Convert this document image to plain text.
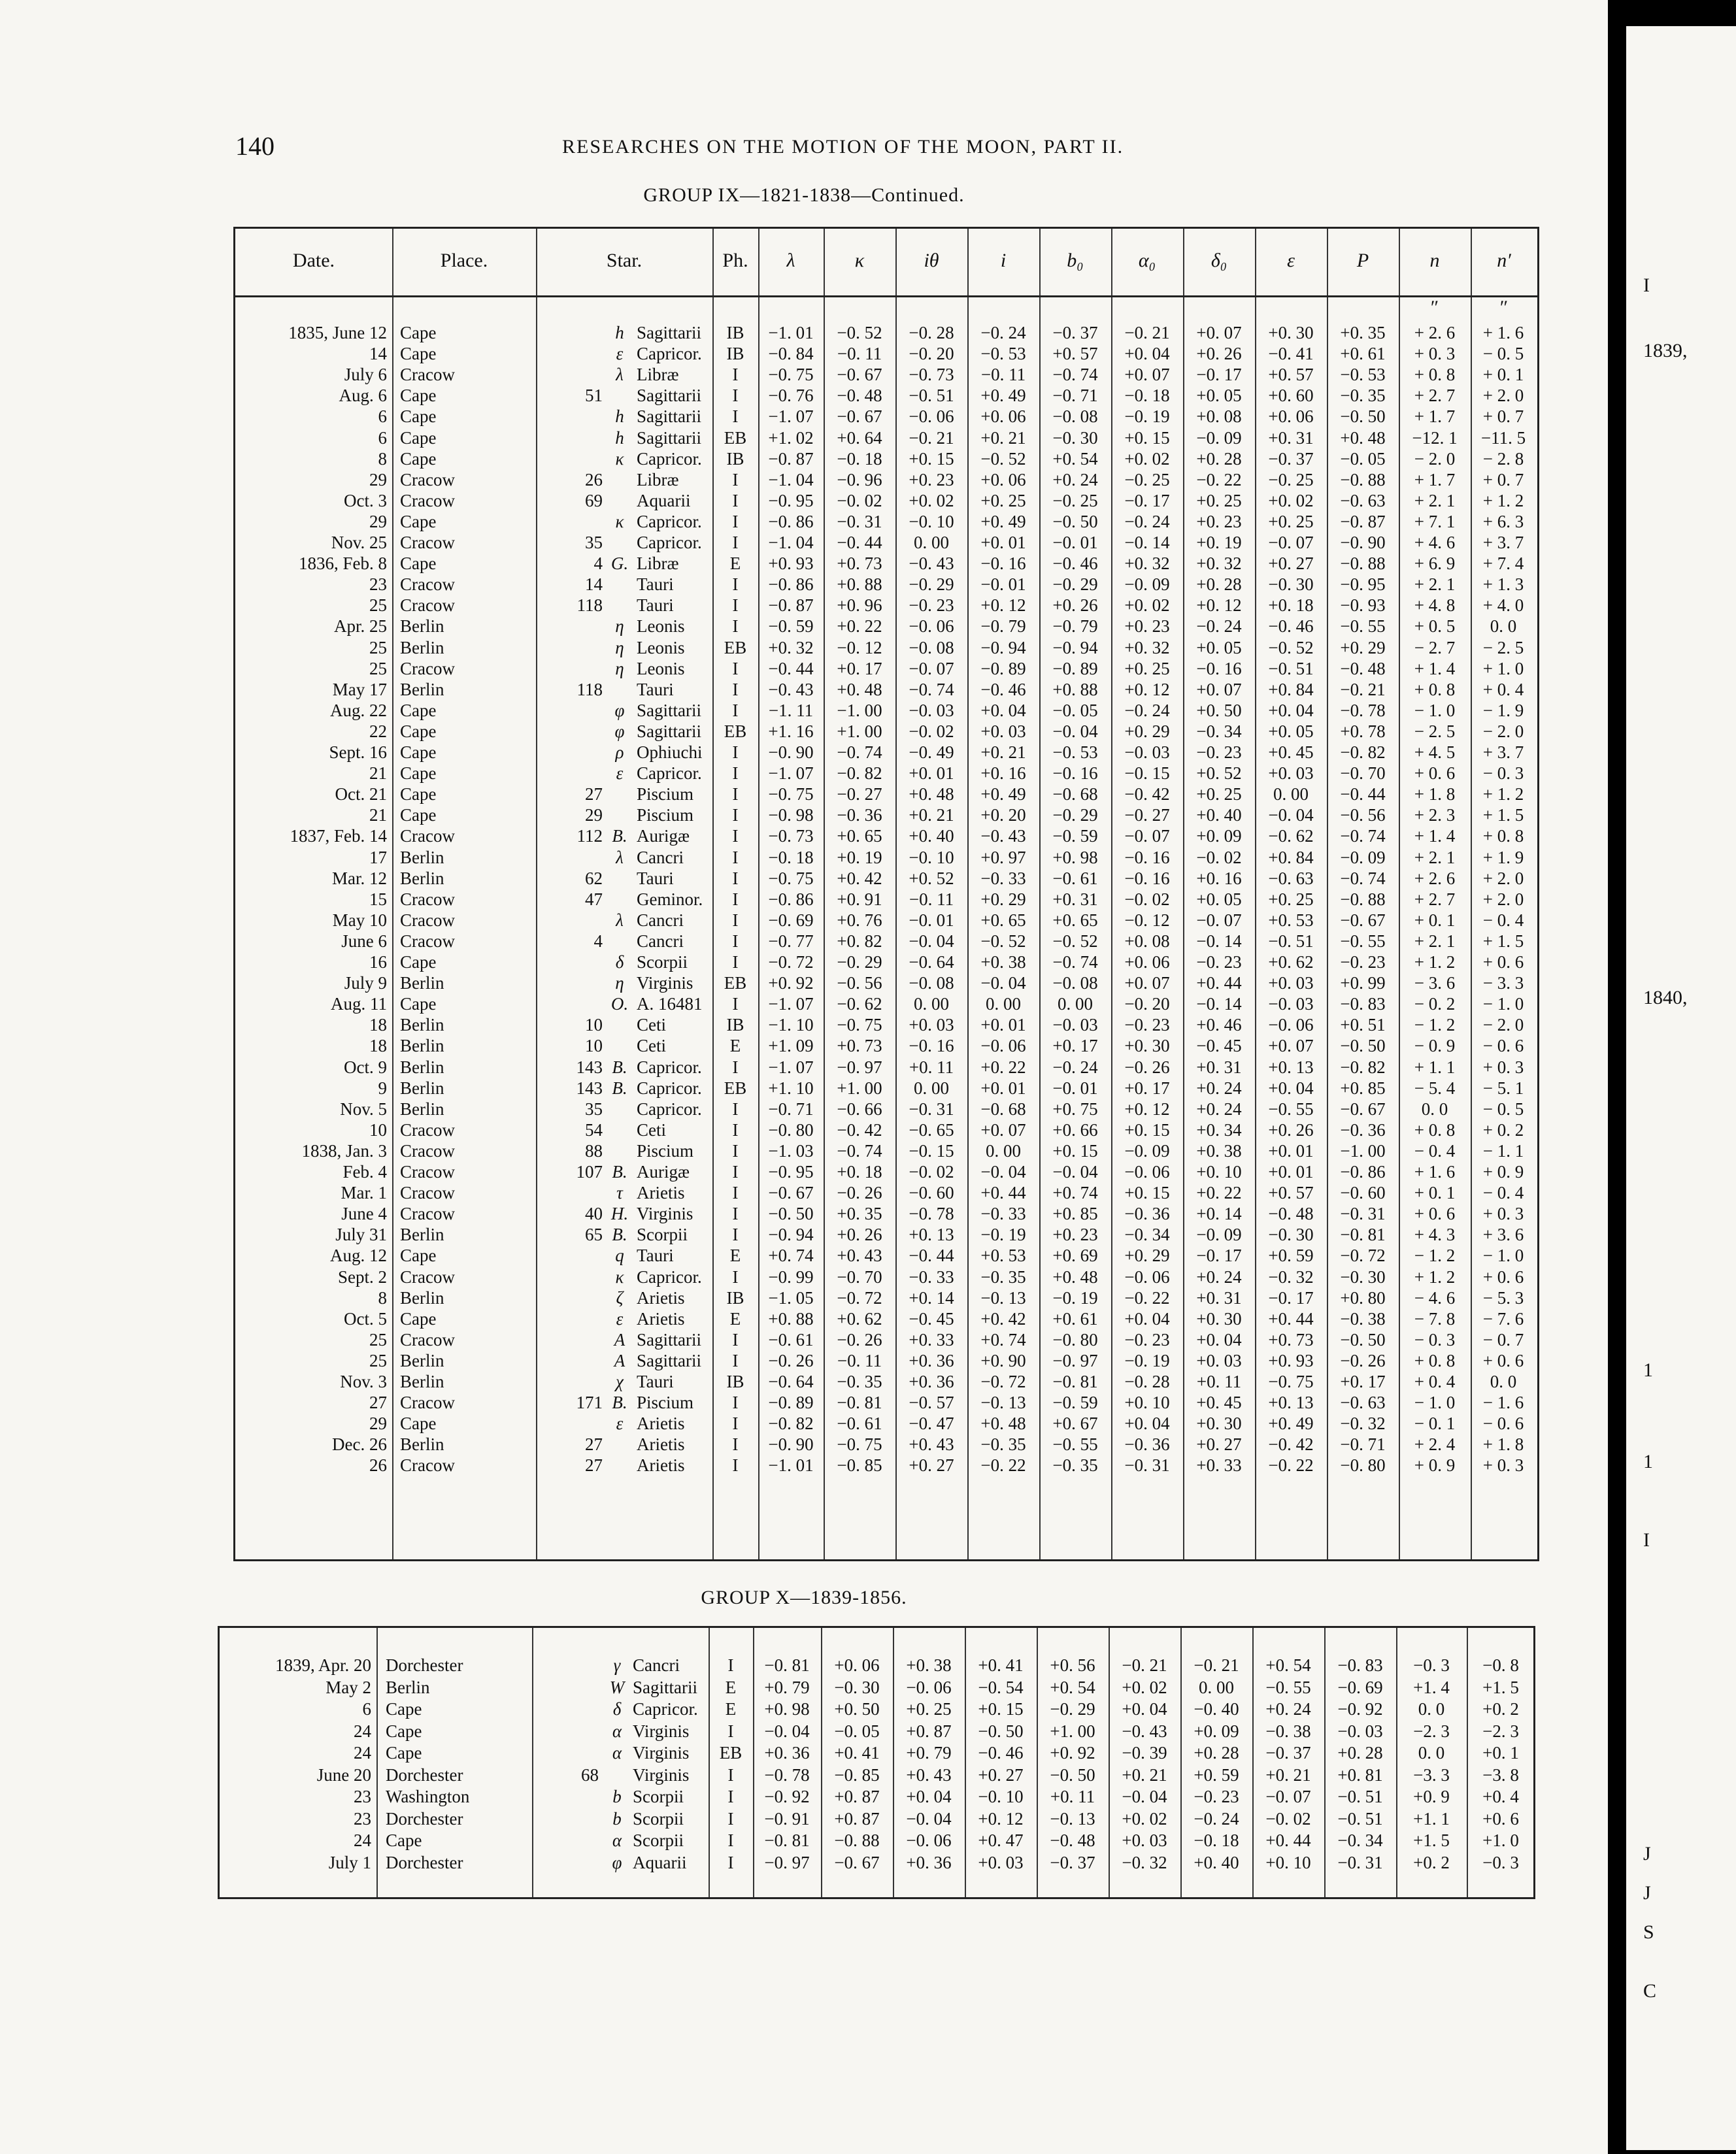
140	RESEARCHES ON THE MOTION OF THE MOON, PART II.
GROUP IX—1821-1838—Continued.
GROUP X—1839-1856.
Date.	Place.	Star.	Ph.	λ	κ	iθ	i	b₀	α₀	δ₀	ε	P	n	n′
″	″
1835, June 12 Cape	h Sagittarii	IB	−1. 01	−0. 52	−0. 28	−0. 24	−0. 37	−0. 21	+0. 07	+0. 30	+0. 35	+ 2. 6	+ 1. 6
14 Cape	ε Capricor.	IB	−0. 84	−0. 11	−0. 20	−0. 53	+0. 57	+0. 04	+0. 26	−0. 41	+0. 61	+ 0. 3	− 0. 5
July 6 Cracow	λ Libræ	I	−0. 75	−0. 67	−0. 73	−0. 11	−0. 74	+0. 07	−0. 17	+0. 57	−0. 53	+ 0. 8	+ 0. 1
Aug. 6 Cape	51 Sagittarii	I	−0. 76	−0. 48	−0. 51	+0. 49	−0. 71	−0. 18	+0. 05	+0. 60	−0. 35	+ 2. 7	+ 2. 0
6 Cape	h Sagittarii	I	−1. 07	−0. 67	−0. 06	+0. 06	−0. 08	−0. 19	+0. 08	+0. 06	−0. 50	+ 1. 7	+ 0. 7
6 Cape	h Sagittarii	EB	+1. 02	+0. 64	−0. 21	+0. 21	−0. 30	+0. 15	−0. 09	+0. 31	+0. 48	−12. 1	−11. 5
8 Cape	κ Capricor.	IB	−0. 87	−0. 18	+0. 15	−0. 52	+0. 54	+0. 02	+0. 28	−0. 37	−0. 05	− 2. 0	− 2. 8
29 Cracow	26 Libræ	I	−1. 04	−0. 96	+0. 23	+0. 06	+0. 24	−0. 25	−0. 22	−0. 25	−0. 88	+ 1. 7	+ 0. 7
Oct. 3 Cracow	69 Aquarii	I	−0. 95	−0. 02	+0. 02	+0. 25	−0. 25	−0. 17	+0. 25	+0. 02	−0. 63	+ 2. 1	+ 1. 2
29 Cape	κ Capricor.	I	−0. 86	−0. 31	−0. 10	+0. 49	−0. 50	−0. 24	+0. 23	+0. 25	−0. 87	+ 7. 1	+ 6. 3
Nov. 25 Cracow	35 Capricor.	I	−1. 04	−0. 44	0. 00	+0. 01	−0. 01	−0. 14	+0. 19	−0. 07	−0. 90	+ 4. 6	+ 3. 7
1836, Feb. 8 Cape	4 G. Libræ	E	+0. 93	+0. 73	−0. 43	−0. 16	−0. 46	+0. 32	+0. 32	+0. 27	−0. 88	+ 6. 9	+ 7. 4
23 Cracow	14 Tauri	I	−0. 86	+0. 88	−0. 29	−0. 01	−0. 29	−0. 09	+0. 28	−0. 30	−0. 95	+ 2. 1	+ 1. 3
25 Cracow	118 Tauri	I	−0. 87	+0. 96	−0. 23	+0. 12	+0. 26	+0. 02	+0. 12	+0. 18	−0. 93	+ 4. 8	+ 4. 0
Apr. 25 Berlin	η Leonis	I	−0. 59	+0. 22	−0. 06	−0. 79	−0. 79	+0. 23	−0. 24	−0. 46	−0. 55	+ 0. 5	0. 0
25 Berlin	η Leonis	EB	+0. 32	−0. 12	−0. 08	−0. 94	−0. 94	+0. 32	+0. 05	−0. 52	+0. 29	− 2. 7	− 2. 5
25 Cracow	η Leonis	I	−0. 44	+0. 17	−0. 07	−0. 89	−0. 89	+0. 25	−0. 16	−0. 51	−0. 48	+ 1. 4	+ 1. 0
May 17 Berlin	118 Tauri	I	−0. 43	+0. 48	−0. 74	−0. 46	+0. 88	+0. 12	+0. 07	+0. 84	−0. 21	+ 0. 8	+ 0. 4
Aug. 22 Cape	φ Sagittarii	I	−1. 11	−1. 00	−0. 03	+0. 04	−0. 05	−0. 24	+0. 50	+0. 04	−0. 78	− 1. 0	− 1. 9
22 Cape	φ Sagittarii	EB	+1. 16	+1. 00	−0. 02	+0. 03	−0. 04	+0. 29	−0. 34	+0. 05	+0. 78	− 2. 5	− 2. 0
Sept. 16 Cape	ρ Ophiuchi	I	−0. 90	−0. 74	−0. 49	+0. 21	−0. 53	−0. 03	−0. 23	+0. 45	−0. 82	+ 4. 5	+ 3. 7
21 Cape	ε Capricor.	I	−1. 07	−0. 82	+0. 01	+0. 16	−0. 16	−0. 15	+0. 52	+0. 03	−0. 70	+ 0. 6	− 0. 3
Oct. 21 Cape	27 Piscium	I	−0. 75	−0. 27	+0. 48	+0. 49	−0. 68	−0. 42	+0. 25	0. 00	−0. 44	+ 1. 8	+ 1. 2
21 Cape	29 Piscium	I	−0. 98	−0. 36	+0. 21	+0. 20	−0. 29	−0. 27	+0. 40	−0. 04	−0. 56	+ 2. 3	+ 1. 5
1837, Feb. 14 Cracow	112 B. Aurigæ	I	−0. 73	+0. 65	+0. 40	−0. 43	−0. 59	−0. 07	+0. 09	−0. 62	−0. 74	+ 1. 4	+ 0. 8
17 Berlin	λ Cancri	I	−0. 18	+0. 19	−0. 10	+0. 97	+0. 98	−0. 16	−0. 02	+0. 84	−0. 09	+ 2. 1	+ 1. 9
Mar. 12 Berlin	62 Tauri	I	−0. 75	+0. 42	+0. 52	−0. 33	−0. 61	−0. 16	+0. 16	−0. 63	−0. 74	+ 2. 6	+ 2. 0
15 Cracow	47 Geminor.	I	−0. 86	+0. 91	−0. 11	+0. 29	+0. 31	−0. 02	+0. 05	+0. 25	−0. 88	+ 2. 7	+ 2. 0
May 10 Cracow	λ Cancri	I	−0. 69	+0. 76	−0. 01	+0. 65	+0. 65	−0. 12	−0. 07	+0. 53	−0. 67	+ 0. 1	− 0. 4
June 6 Cracow	4 Cancri	I	−0. 77	+0. 82	−0. 04	−0. 52	−0. 52	+0. 08	−0. 14	−0. 51	−0. 55	+ 2. 1	+ 1. 5
16 Cape	δ Scorpii	I	−0. 72	−0. 29	−0. 64	+0. 38	−0. 74	+0. 06	−0. 23	+0. 62	−0. 23	+ 1. 2	+ 0. 6
July 9 Berlin	η Virginis	EB	+0. 92	−0. 56	−0. 08	−0. 04	−0. 08	+0. 07	+0. 44	+0. 03	+0. 99	− 3. 6	− 3. 3
Aug. 11 Cape	O. A. 16481	I	−1. 07	−0. 62	0. 00	0. 00	0. 00	−0. 20	−0. 14	−0. 03	−0. 83	− 0. 2	− 1. 0
18 Berlin	10 Ceti	IB	−1. 10	−0. 75	+0. 03	+0. 01	−0. 03	−0. 23	+0. 46	−0. 06	+0. 51	− 1. 2	− 2. 0
18 Berlin	10 Ceti	E	+1. 09	+0. 73	−0. 16	−0. 06	+0. 17	+0. 30	−0. 45	+0. 07	−0. 50	− 0. 9	− 0. 6
Oct. 9 Berlin	143 B. Capricor.	I	−1. 07	−0. 97	+0. 11	+0. 22	−0. 24	−0. 26	+0. 31	+0. 13	−0. 82	+ 1. 1	+ 0. 3
9 Berlin	143 B. Capricor.	EB	+1. 10	+1. 00	0. 00	+0. 01	−0. 01	+0. 17	+0. 24	+0. 04	+0. 85	− 5. 4	− 5. 1
Nov. 5 Berlin	35 Capricor.	I	−0. 71	−0. 66	−0. 31	−0. 68	+0. 75	+0. 12	+0. 24	−0. 55	−0. 67	0. 0	− 0. 5
10 Cracow	54 Ceti	I	−0. 80	−0. 42	−0. 65	+0. 07	+0. 66	+0. 15	+0. 34	+0. 26	−0. 36	+ 0. 8	+ 0. 2
1838, Jan. 3 Cracow	88 Piscium	I	−1. 03	−0. 74	−0. 15	0. 00	+0. 15	−0. 09	+0. 38	+0. 01	−1. 00	− 0. 4	− 1. 1
Feb. 4 Cracow	107 B. Aurigæ	I	−0. 95	+0. 18	−0. 02	−0. 04	−0. 04	−0. 06	+0. 10	+0. 01	−0. 86	+ 1. 6	+ 0. 9
Mar. 1 Cracow	τ Arietis	I	−0. 67	−0. 26	−0. 60	+0. 44	+0. 74	+0. 15	+0. 22	+0. 57	−0. 60	+ 0. 1	− 0. 4
June 4 Cracow	40 H. Virginis	I	−0. 50	+0. 35	−0. 78	−0. 33	+0. 85	−0. 36	+0. 14	−0. 48	−0. 31	+ 0. 6	+ 0. 3
July 31 Berlin	65 B. Scorpii	I	−0. 94	+0. 26	+0. 13	−0. 19	+0. 23	−0. 34	−0. 09	−0. 30	−0. 81	+ 4. 3	+ 3. 6
Aug. 12 Cape	q Tauri	E	+0. 74	+0. 43	−0. 44	+0. 53	+0. 69	+0. 29	−0. 17	+0. 59	−0. 72	− 1. 2	− 1. 0
Sept. 2 Cracow	κ Capricor.	I	−0. 99	−0. 70	−0. 33	−0. 35	+0. 48	−0. 06	+0. 24	−0. 32	−0. 30	+ 1. 2	+ 0. 6
8 Berlin	ζ Arietis	IB	−1. 05	−0. 72	+0. 14	−0. 13	−0. 19	−0. 22	+0. 31	−0. 17	+0. 80	− 4. 6	− 5. 3
Oct. 5 Cape	ε Arietis	E	+0. 88	+0. 62	−0. 45	+0. 42	+0. 61	+0. 04	+0. 30	+0. 44	−0. 38	− 7. 8	− 7. 6
25 Cracow	A Sagittarii	I	−0. 61	−0. 26	+0. 33	+0. 74	−0. 80	−0. 23	+0. 04	+0. 73	−0. 50	− 0. 3	− 0. 7
25 Berlin	A Sagittarii	I	−0. 26	−0. 11	+0. 36	+0. 90	−0. 97	−0. 19	+0. 03	+0. 93	−0. 26	+ 0. 8	+ 0. 6
Nov. 3 Berlin	χ Tauri	IB	−0. 64	−0. 35	+0. 36	−0. 72	−0. 81	−0. 28	+0. 11	−0. 75	+0. 17	+ 0. 4	0. 0
27 Cracow	171 B. Piscium	I	−0. 89	−0. 81	−0. 57	−0. 13	−0. 59	+0. 10	+0. 45	+0. 13	−0. 63	− 1. 0	− 1. 6
29 Cape	ε Arietis	I	−0. 82	−0. 61	−0. 47	+0. 48	+0. 67	+0. 04	+0. 30	+0. 49	−0. 32	− 0. 1	− 0. 6
Dec. 26 Berlin	27 Arietis	I	−0. 90	−0. 75	+0. 43	−0. 35	−0. 55	−0. 36	+0. 27	−0. 42	−0. 71	+ 2. 4	+ 1. 8
26 Cracow	27 Arietis	I	−1. 01	−0. 85	+0. 27	−0. 22	−0. 35	−0. 31	+0. 33	−0. 22	−0. 80	+ 0. 9	+ 0. 3
1839, Apr. 20 Dorchester	γ Cancri	I	−0. 81	+0. 06	+0. 38	+0. 41	+0. 56	−0. 21	−0. 21	+0. 54	−0. 83	−0. 3	−0. 8
May 2 Berlin	W Sagittarii	E	+0. 79	−0. 30	−0. 06	−0. 54	+0. 54	+0. 02	0. 00	−0. 55	−0. 69	+1. 4	+1. 5
6 Cape	δ Capricor.	E	+0. 98	+0. 50	+0. 25	+0. 15	−0. 29	+0. 04	−0. 40	+0. 24	−0. 92	0. 0	+0. 2
24 Cape	α Virginis	I	−0. 04	−0. 05	+0. 87	−0. 50	+1. 00	−0. 43	+0. 09	−0. 38	−0. 03	−2. 3	−2. 3
24 Cape	α Virginis	EB	+0. 36	+0. 41	+0. 79	−0. 46	+0. 92	−0. 39	+0. 28	−0. 37	+0. 28	0. 0	+0. 1
June 20 Dorchester	68 Virginis	I	−0. 78	−0. 85	+0. 43	+0. 27	−0. 50	+0. 21	+0. 59	+0. 21	+0. 81	−3. 3	−3. 8
23 Washington	b Scorpii	I	−0. 92	+0. 87	+0. 04	−0. 10	+0. 11	−0. 04	−0. 23	−0. 07	−0. 51	+0. 9	+0. 4
23 Dorchester	b Scorpii	I	−0. 91	+0. 87	−0. 04	+0. 12	−0. 13	+0. 02	−0. 24	−0. 02	−0. 51	+1. 1	+0. 6
24 Cape	α Scorpii	I	−0. 81	−0. 88	−0. 06	+0. 47	−0. 48	+0. 03	−0. 18	+0. 44	−0. 34	+1. 5	+1. 0
July 1 Dorchester	φ Aquarii	I	−0. 97	−0. 67	+0. 36	+0. 03	−0. 37	−0. 32	+0. 40	+0. 10	−0. 31	+0. 2	−0. 3
I
1839,
1840,
1
1
I
J
J
S
C
